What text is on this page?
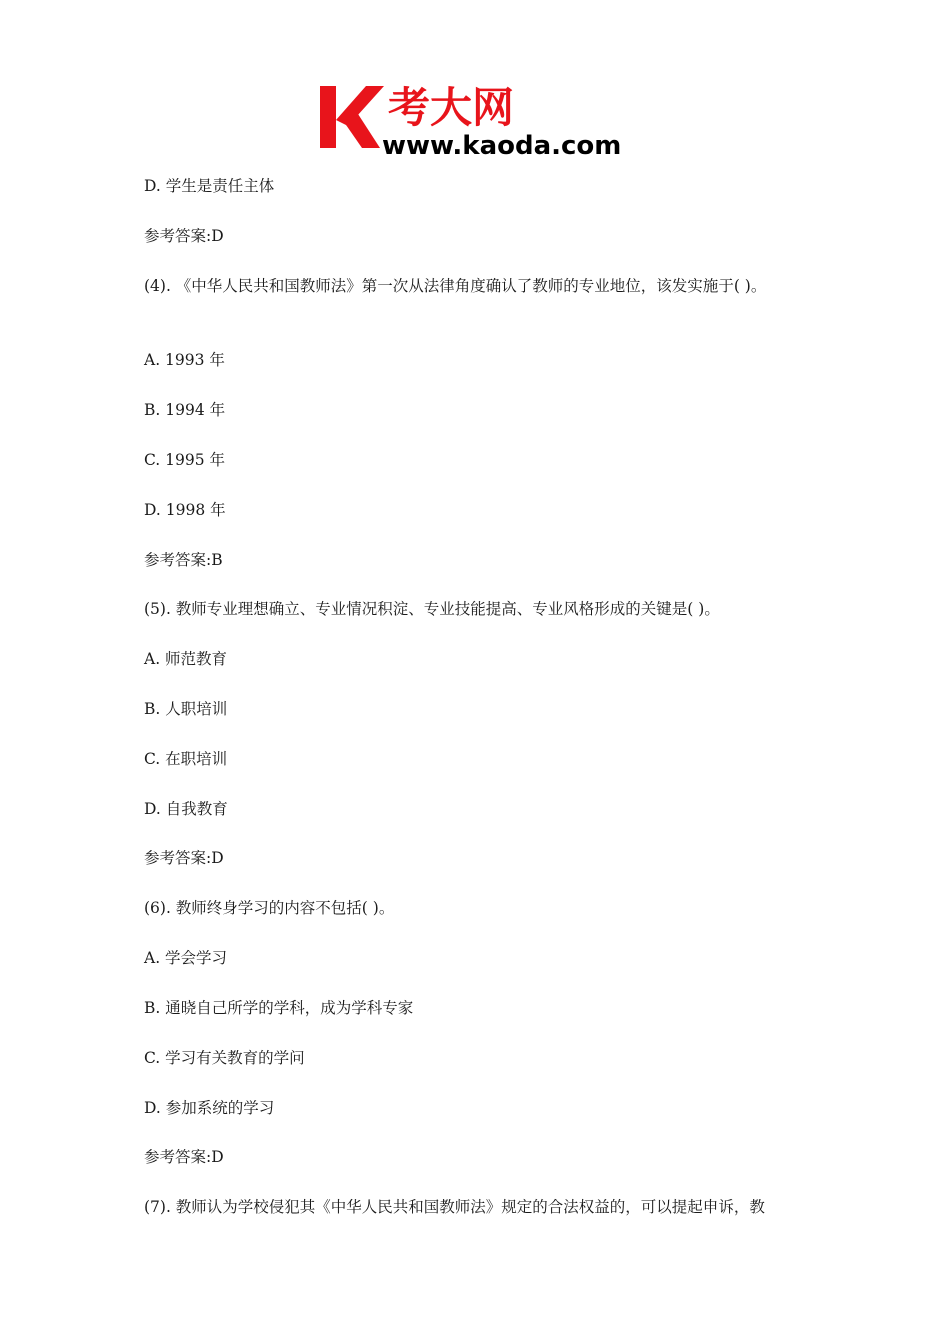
考大网
www.kaoda.com
D. 学生是责任主体
参考答案:D
(4). 《中华人民共和国教师法》第一次从法律角度确认了教师的专业地位，该发实施于( )。
A. 1993 年
B. 1994 年
C. 1995 年
D. 1998 年
参考答案:B
(5). 教师专业理想确立、专业情况积淀、专业技能提高、专业风格形成的关键是( )。
A. 师范教育
B. 人职培训
C. 在职培训
D. 自我教育
参考答案:D
(6). 教师终身学习的内容不包括( )。
A. 学会学习
B. 通晓自己所学的学科，成为学科专家
C. 学习有关教育的学问
D. 参加系统的学习
参考答案:D
(7). 教师认为学校侵犯其《中华人民共和国教师法》规定的合法权益的，可以提起申诉，教
